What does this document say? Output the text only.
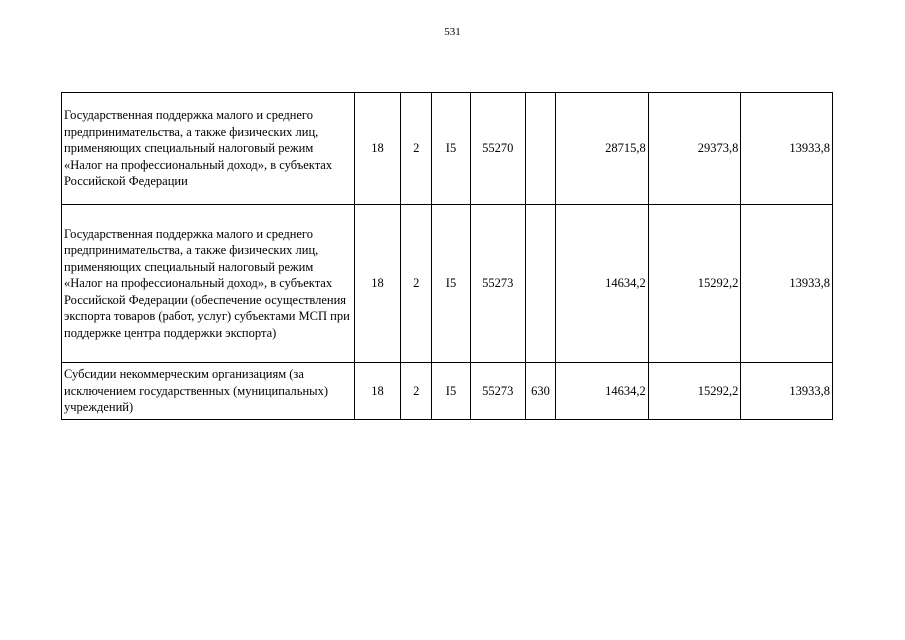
531
Государственная поддержка малого и среднего предпринимательства, а также физических лиц, применяющих специальный налоговый режим «Налог на профессиональный доход», в субъектах Российской Федерации	18	2	I5	55270		28715,8	29373,8	13933,8
Государственная поддержка малого и среднего предпринимательства, а также физических лиц, применяющих специальный налоговый режим «Налог на профессиональный доход», в субъектах Российской Федерации (обеспечение осуществления экспорта товаров (работ, услуг) субъектами МСП при поддержке центра поддержки экспорта)	18	2	I5	55273		14634,2	15292,2	13933,8
Субсидии некоммерческим организациям (за исключением государственных (муниципальных) учреждений)	18	2	I5	55273	630	14634,2	15292,2	13933,8
